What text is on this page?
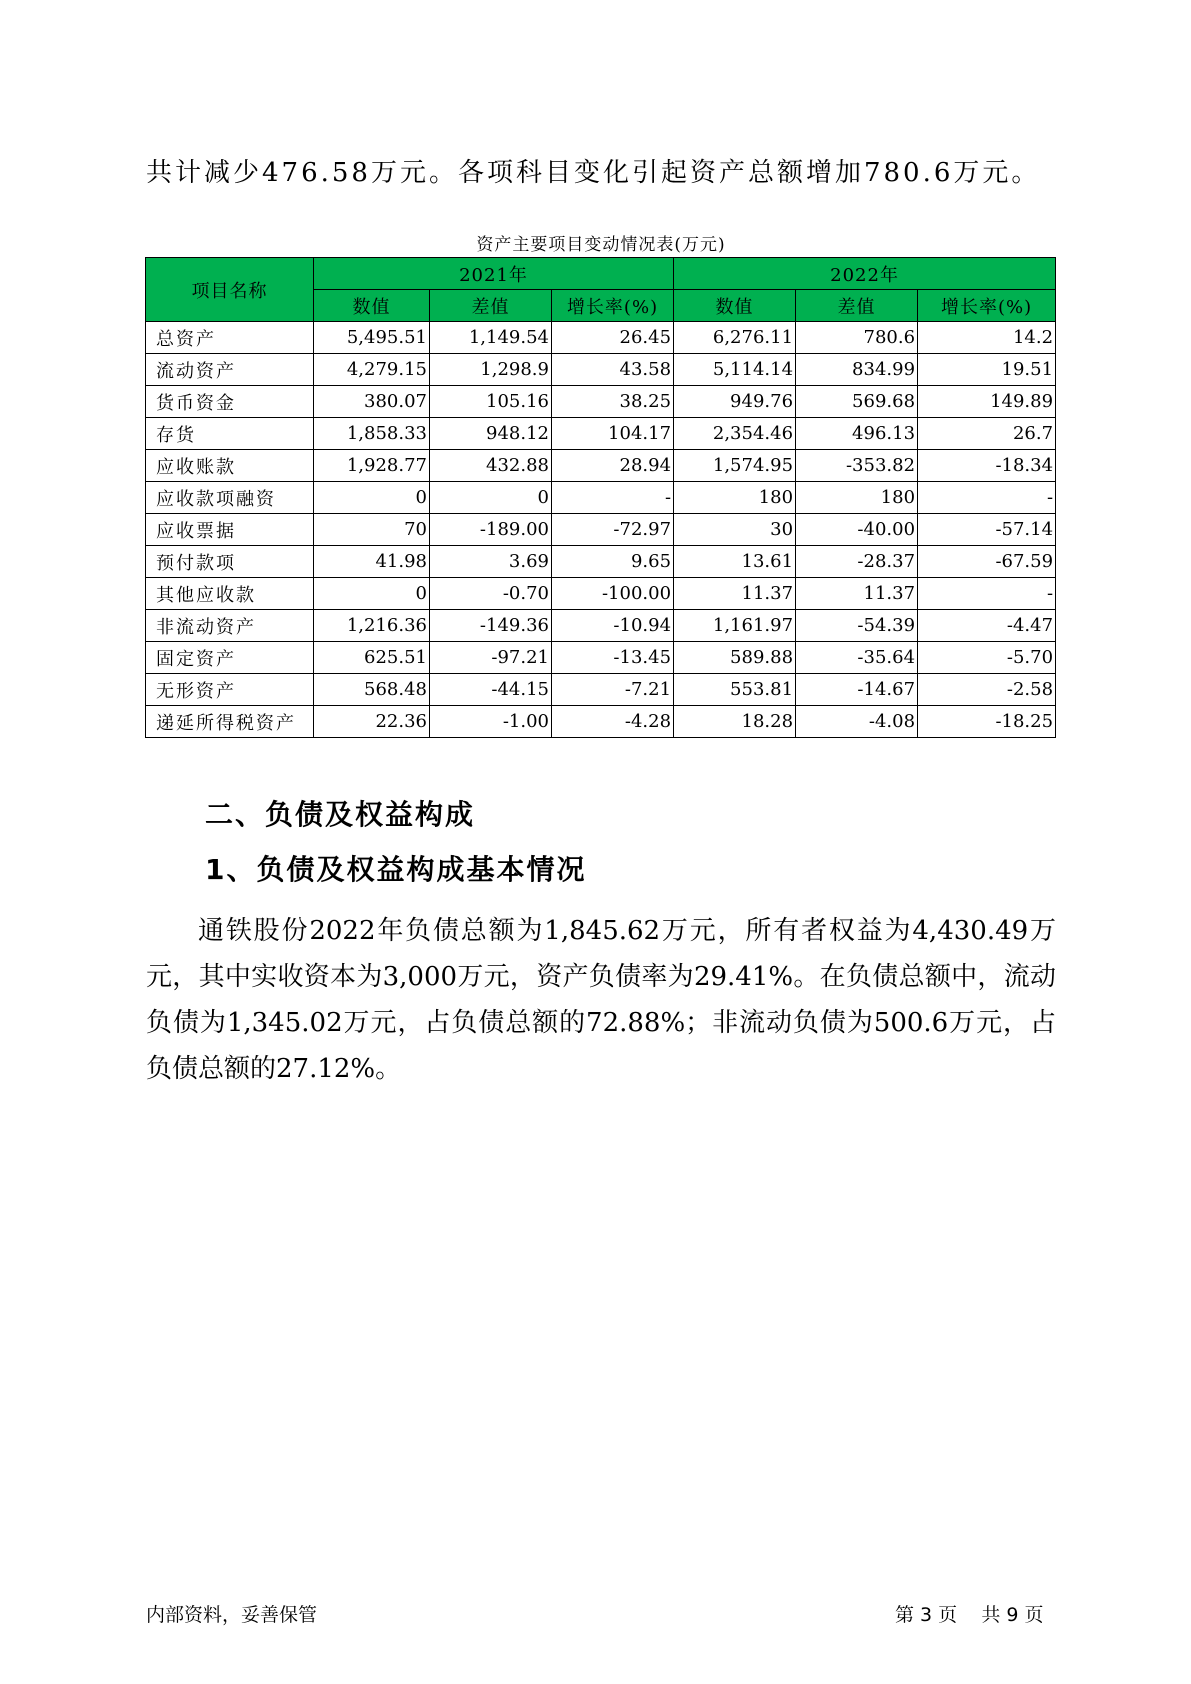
共计减少476.58万元。各项科目变化引起资产总额增加780.6万元。
资产主要项目变动情况表(万元)
项目名称	2021年			2022年		
	数值	差值	增长率(%)	数值	差值	增长率(%)
总资产	5,495.51	1,149.54	26.45	6,276.11	780.6	14.2
流动资产	4,279.15	1,298.9	43.58	5,114.14	834.99	19.51
货币资金	380.07	105.16	38.25	949.76	569.68	149.89
存货	1,858.33	948.12	104.17	2,354.46	496.13	26.7
应收账款	1,928.77	432.88	28.94	1,574.95	-353.82	-18.34
应收款项融资	0	0	-	180	180	-
应收票据	70	-189.00	-72.97	30	-40.00	-57.14
预付款项	41.98	3.69	9.65	13.61	-28.37	-67.59
其他应收款	0	-0.70	-100.00	11.37	11.37	-
非流动资产	1,216.36	-149.36	-10.94	1,161.97	-54.39	-4.47
固定资产	625.51	-97.21	-13.45	589.88	-35.64	-5.70
无形资产	568.48	-44.15	-7.21	553.81	-14.67	-2.58
递延所得税资产	22.36	-1.00	-4.28	18.28	-4.08	-18.25
二、负债及权益构成
1、负债及权益构成基本情况
通铁股份2022年负债总额为1,845.62万元，所有者权益为4,430.49万元，其中实收资本为3,000万元，资产负债率为29.41%。在负债总额中，流动负债为1,345.02万元，占负债总额的72.88%；非流动负债为500.6万元，占负债总额的27.12%。
内部资料，妥善保管	第 3 页 共 9 页
